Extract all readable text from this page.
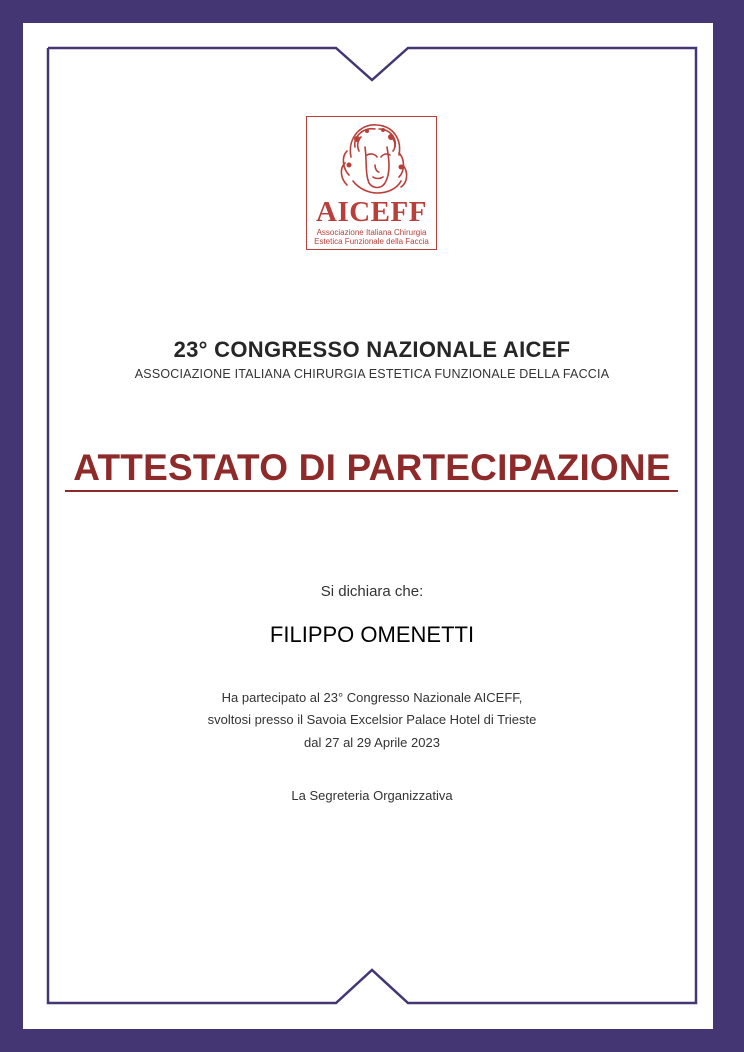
AICEFF
Associazione Italiana Chirurgia
Estetica Funzionale della Faccia
23° CONGRESSO NAZIONALE AICEF
ASSOCIAZIONE ITALIANA CHIRURGIA ESTETICA FUNZIONALE DELLA FACCIA
ATTESTATO DI PARTECIPAZIONE
Si dichiara che:
FILIPPO OMENETTI
Ha partecipato al 23° Congresso Nazionale AICEFF,
svoltosi presso il Savoia Excelsior Palace Hotel di Trieste
dal 27 al 29 Aprile 2023
La Segreteria Organizzativa
